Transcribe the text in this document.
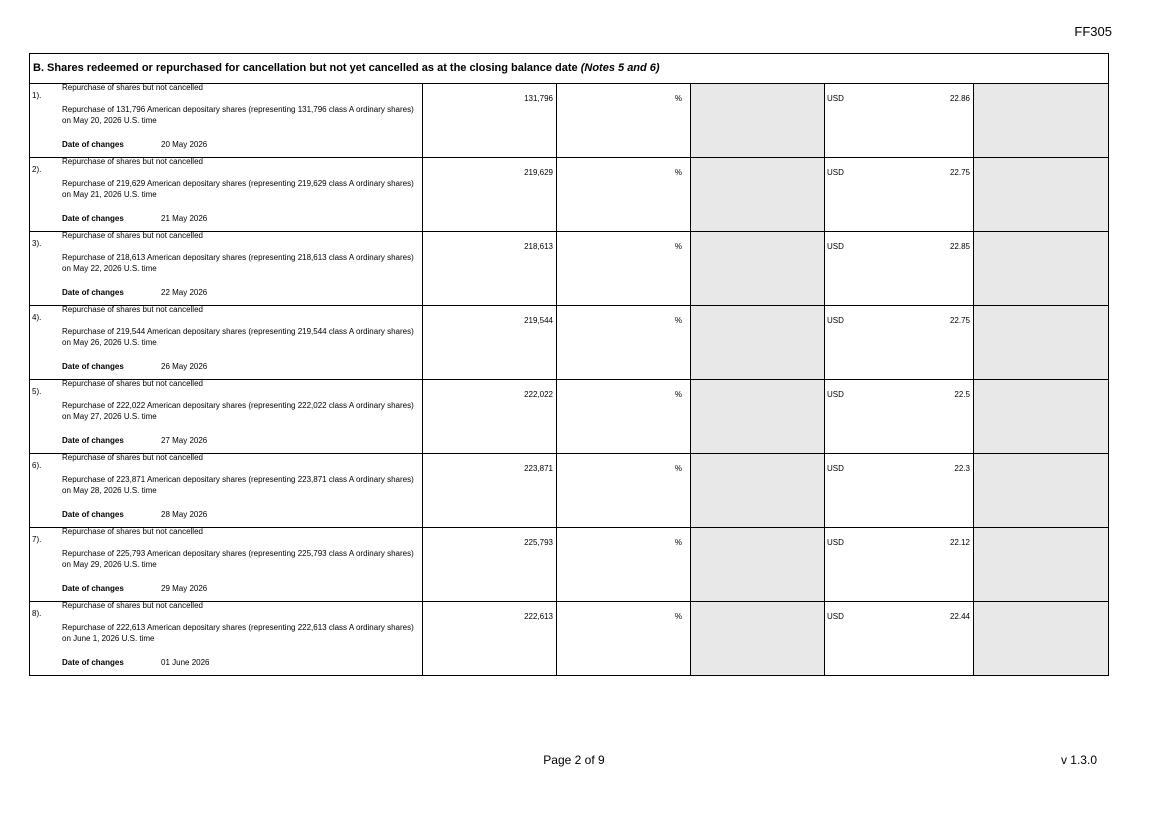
FF305
B. Shares redeemed or repurchased for cancellation but not yet cancelled as at the closing balance date (Notes 5 and 6)
1).
Repurchase of shares but not cancelled
Repurchase of 131,796 American depositary shares (representing 131,796 class A ordinary shares) on May 20, 2026 U.S. time
Date of changes	20 May 2026
131,796	%	USD	22.86
2).
Repurchase of shares but not cancelled
Repurchase of 219,629 American depositary shares (representing 219,629 class A ordinary shares) on May 21, 2026 U.S. time
Date of changes	21 May 2026
219,629	%	USD	22.75
3).
Repurchase of shares but not cancelled
Repurchase of 218,613 American depositary shares (representing 218,613 class A ordinary shares) on May 22, 2026 U.S. time
Date of changes	22 May 2026
218,613	%	USD	22.85
4).
Repurchase of shares but not cancelled
Repurchase of 219,544 American depositary shares (representing 219,544 class A ordinary shares) on May 26, 2026 U.S. time
Date of changes	26 May 2026
219,544	%	USD	22.75
5).
Repurchase of shares but not cancelled
Repurchase of 222,022 American depositary shares (representing 222,022 class A ordinary shares) on May 27, 2026 U.S. time
Date of changes	27 May 2026
222,022	%	USD	22.5
6).
Repurchase of shares but not cancelled
Repurchase of 223,871 American depositary shares (representing 223,871 class A ordinary shares) on May 28, 2026 U.S. time
Date of changes	28 May 2026
223,871	%	USD	22.3
7).
Repurchase of shares but not cancelled
Repurchase of 225,793 American depositary shares (representing 225,793 class A ordinary shares) on May 29, 2026 U.S. time
Date of changes	29 May 2026
225,793	%	USD	22.12
8).
Repurchase of shares but not cancelled
Repurchase of 222,613 American depositary shares (representing 222,613 class A ordinary shares) on June 1, 2026 U.S. time
Date of changes	01 June 2026
222,613	%	USD	22.44
Page 2 of 9	v 1.3.0
